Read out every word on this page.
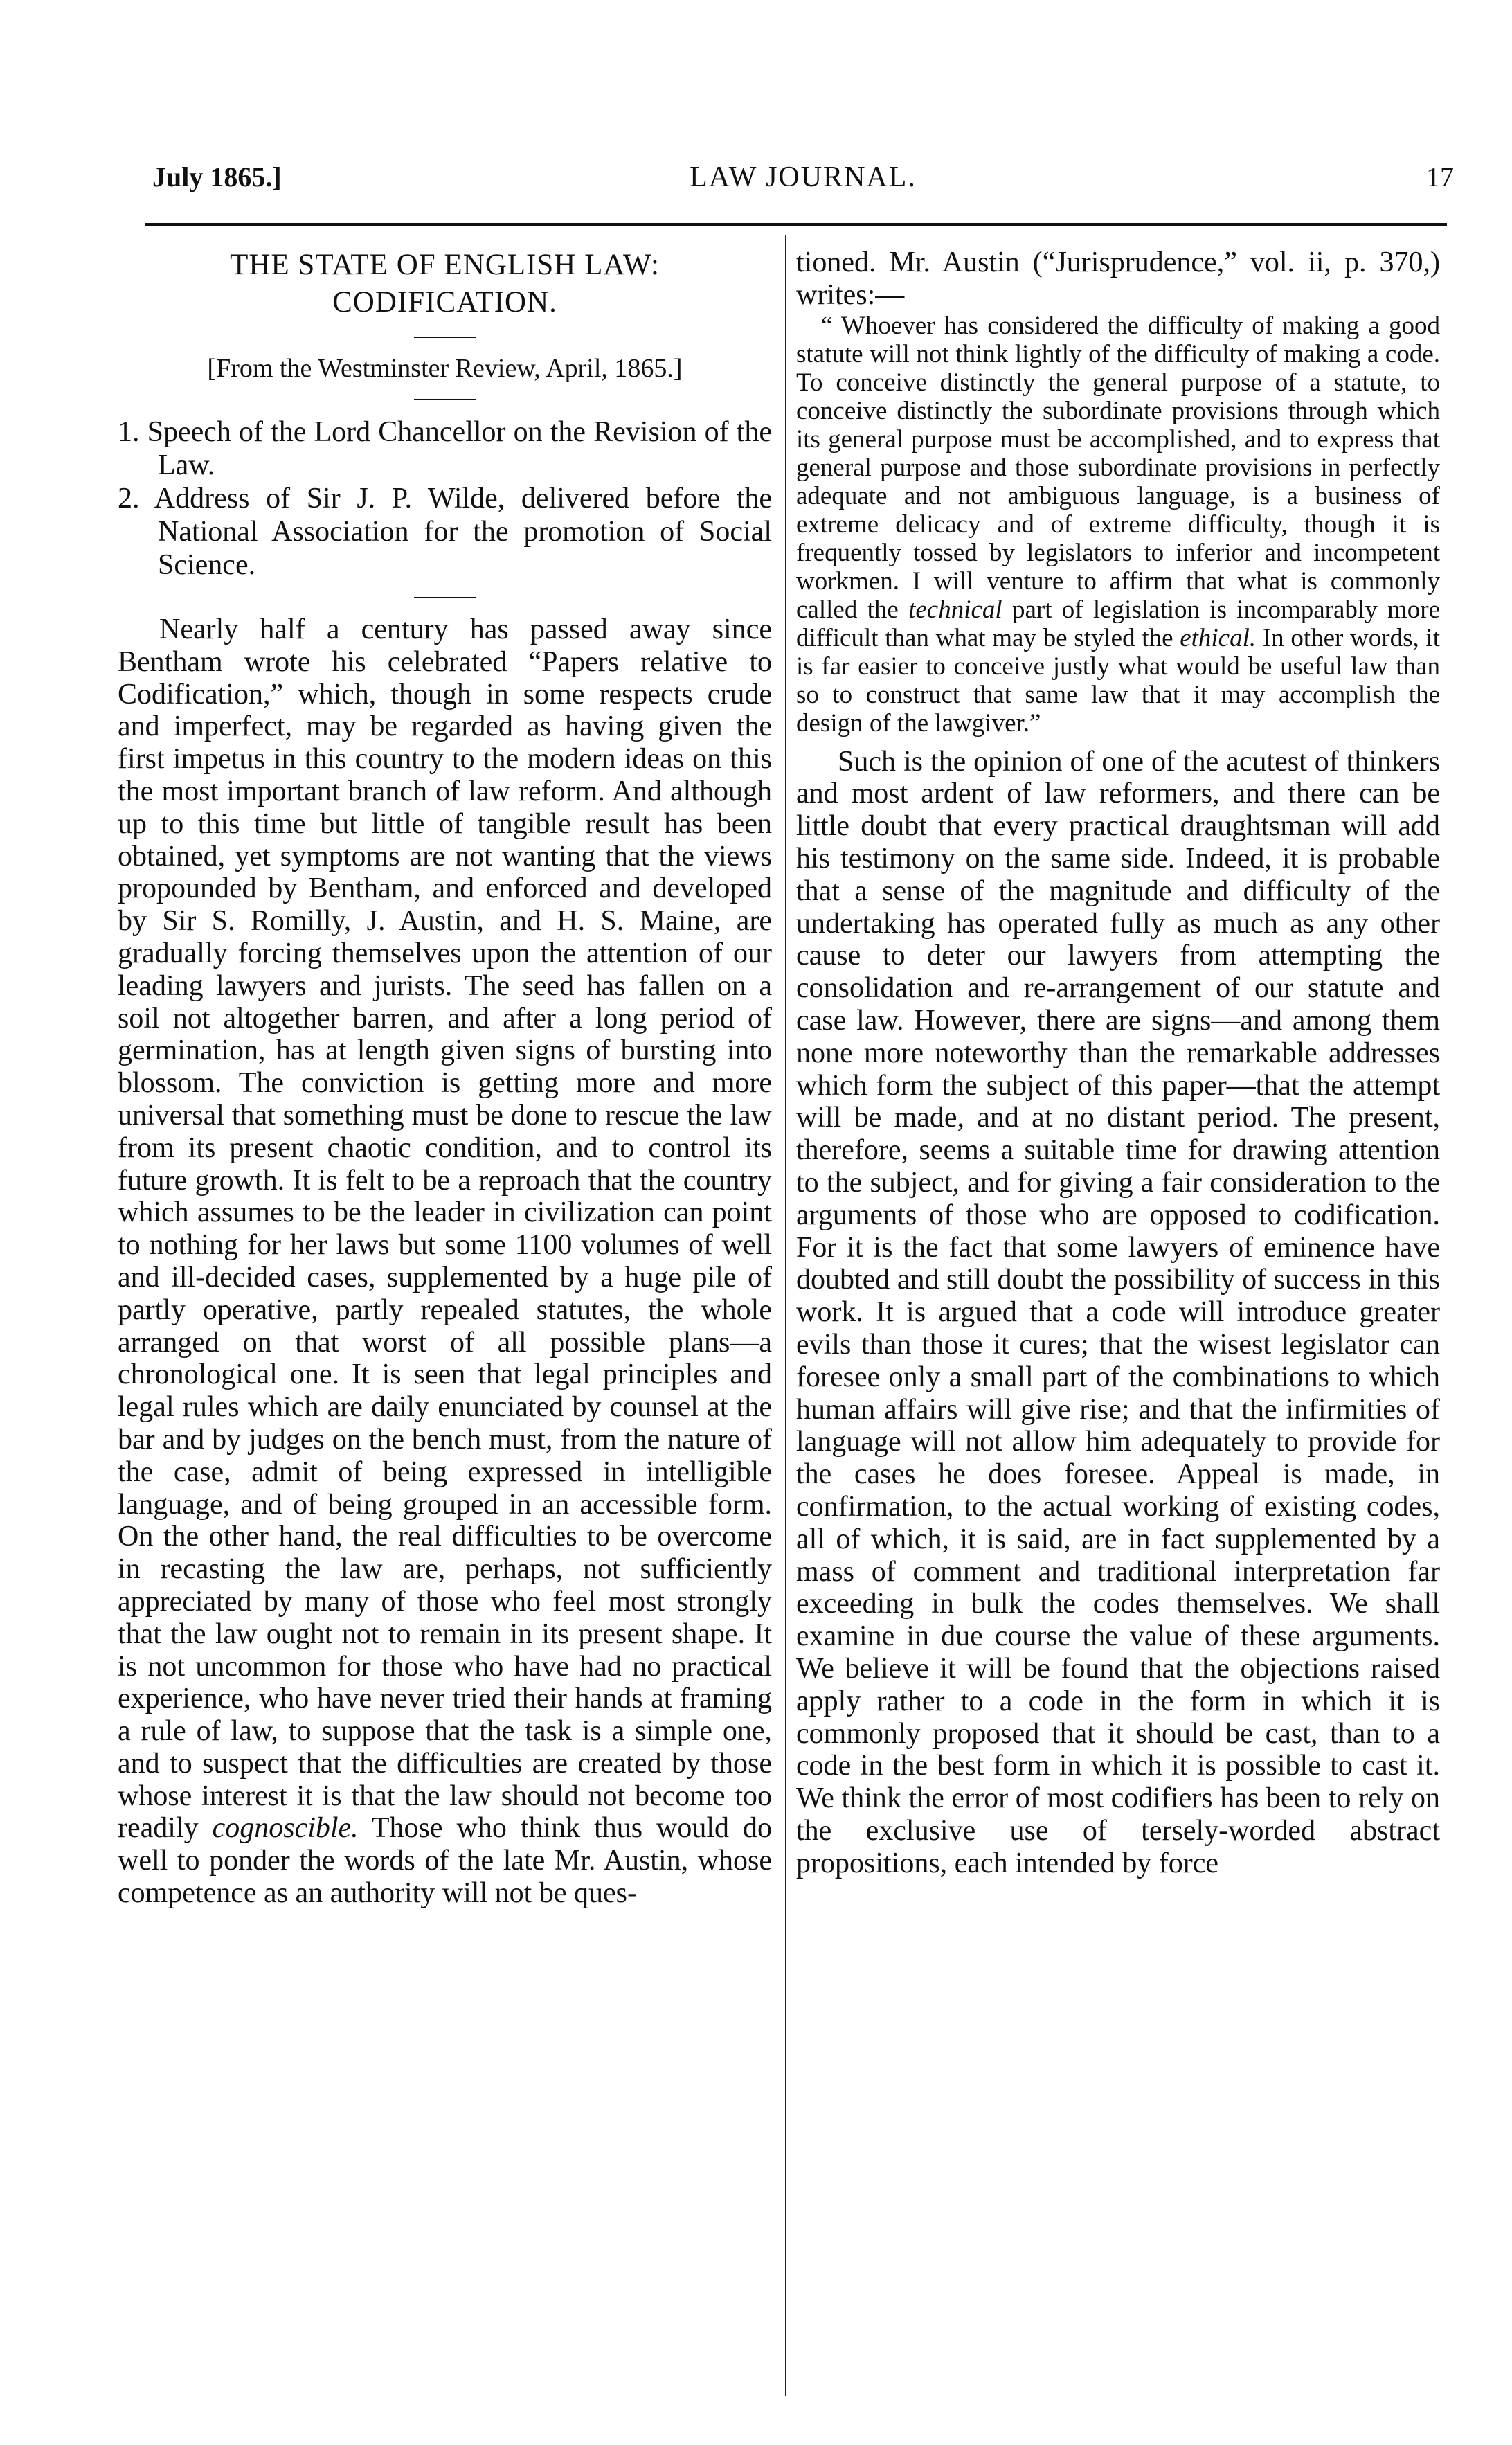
July 1865.]	LAW JOURNAL.	17
THE STATE OF ENGLISH LAW:
CODIFICATION.

[From the Westminster Review, April, 1865.]

1. Speech of the Lord Chancellor on the Revision of the Law.
2. Address of Sir J. P. Wilde, delivered before the National Association for the promotion of Social Science.

Nearly half a century has passed away since Bentham wrote his celebrated “Papers relative to Codification,” which, though in some respects crude and imperfect, may be regarded as having given the first impetus in this country to the modern ideas on this the most important branch of law reform. And although up to this time but little of tangible result has been obtained, yet symptoms are not wanting that the views propounded by Bentham, and enforced and developed by Sir S. Romilly, J. Austin, and H. S. Maine, are gradually forcing themselves upon the attention of our leading lawyers and jurists. The seed has fallen on a soil not altogether barren, and after a long period of germination, has at length given signs of bursting into blossom. The conviction is getting more and more universal that something must be done to rescue the law from its present chaotic condition, and to control its future growth. It is felt to be a reproach that the country which assumes to be the leader in civilization can point to nothing for her laws but some 1100 volumes of well and ill-decided cases, supplemented by a huge pile of partly operative, partly repealed statutes, the whole arranged on that worst of all possible plans—a chronological one. It is seen that legal principles and legal rules which are daily enunciated by counsel at the bar and by judges on the bench must, from the nature of the case, admit of being expressed in intelligible language, and of being grouped in an accessible form. On the other hand, the real difficulties to be overcome in recasting the law are, perhaps, not sufficiently appreciated by many of those who feel most strongly that the law ought not to remain in its present shape. It is not uncommon for those who have had no practical experience, who have never tried their hands at framing a rule of law, to suppose that the task is a simple one, and to suspect that the difficulties are created by those whose interest it is that the law should not become too readily cognoscible. Those who think thus would do well to ponder the words of the late Mr. Austin, whose competence as an authority will not be ques-

tioned. Mr. Austin (“Jurisprudence,” vol. ii, p. 370,) writes:—

“ Whoever has considered the difficulty of making a good statute will not think lightly of the difficulty of making a code. To conceive distinctly the general purpose of a statute, to conceive distinctly the subordinate provisions through which its general purpose must be accomplished, and to express that general purpose and those subordinate provisions in perfectly adequate and not ambiguous language, is a business of extreme delicacy and of extreme difficulty, though it is frequently tossed by legislators to inferior and incompetent workmen. I will venture to affirm that what is commonly called the technical part of legislation is incomparably more difficult than what may be styled the ethical. In other words, it is far easier to conceive justly what would be useful law than so to construct that same law that it may accomplish the design of the lawgiver.”

Such is the opinion of one of the acutest of thinkers and most ardent of law reformers, and there can be little doubt that every practical draughtsman will add his testimony on the same side. Indeed, it is probable that a sense of the magnitude and difficulty of the undertaking has operated fully as much as any other cause to deter our lawyers from attempting the consolidation and re-arrangement of our statute and case law. However, there are signs—and among them none more noteworthy than the remarkable addresses which form the subject of this paper—that the attempt will be made, and at no distant period. The present, therefore, seems a suitable time for drawing attention to the subject, and for giving a fair consideration to the arguments of those who are opposed to codification. For it is the fact that some lawyers of eminence have doubted and still doubt the possibility of success in this work. It is argued that a code will introduce greater evils than those it cures; that the wisest legislator can foresee only a small part of the combinations to which human affairs will give rise; and that the infirmities of language will not allow him adequately to provide for the cases he does foresee. Appeal is made, in confirmation, to the actual working of existing codes, all of which, it is said, are in fact supplemented by a mass of comment and traditional interpretation far exceeding in bulk the codes themselves. We shall examine in due course the value of these arguments. We believe it will be found that the objections raised apply rather to a code in the form in which it is commonly proposed that it should be cast, than to a code in the best form in which it is possible to cast it. We think the error of most codifiers has been to rely on the exclusive use of tersely-worded abstract propositions, each intended by force
